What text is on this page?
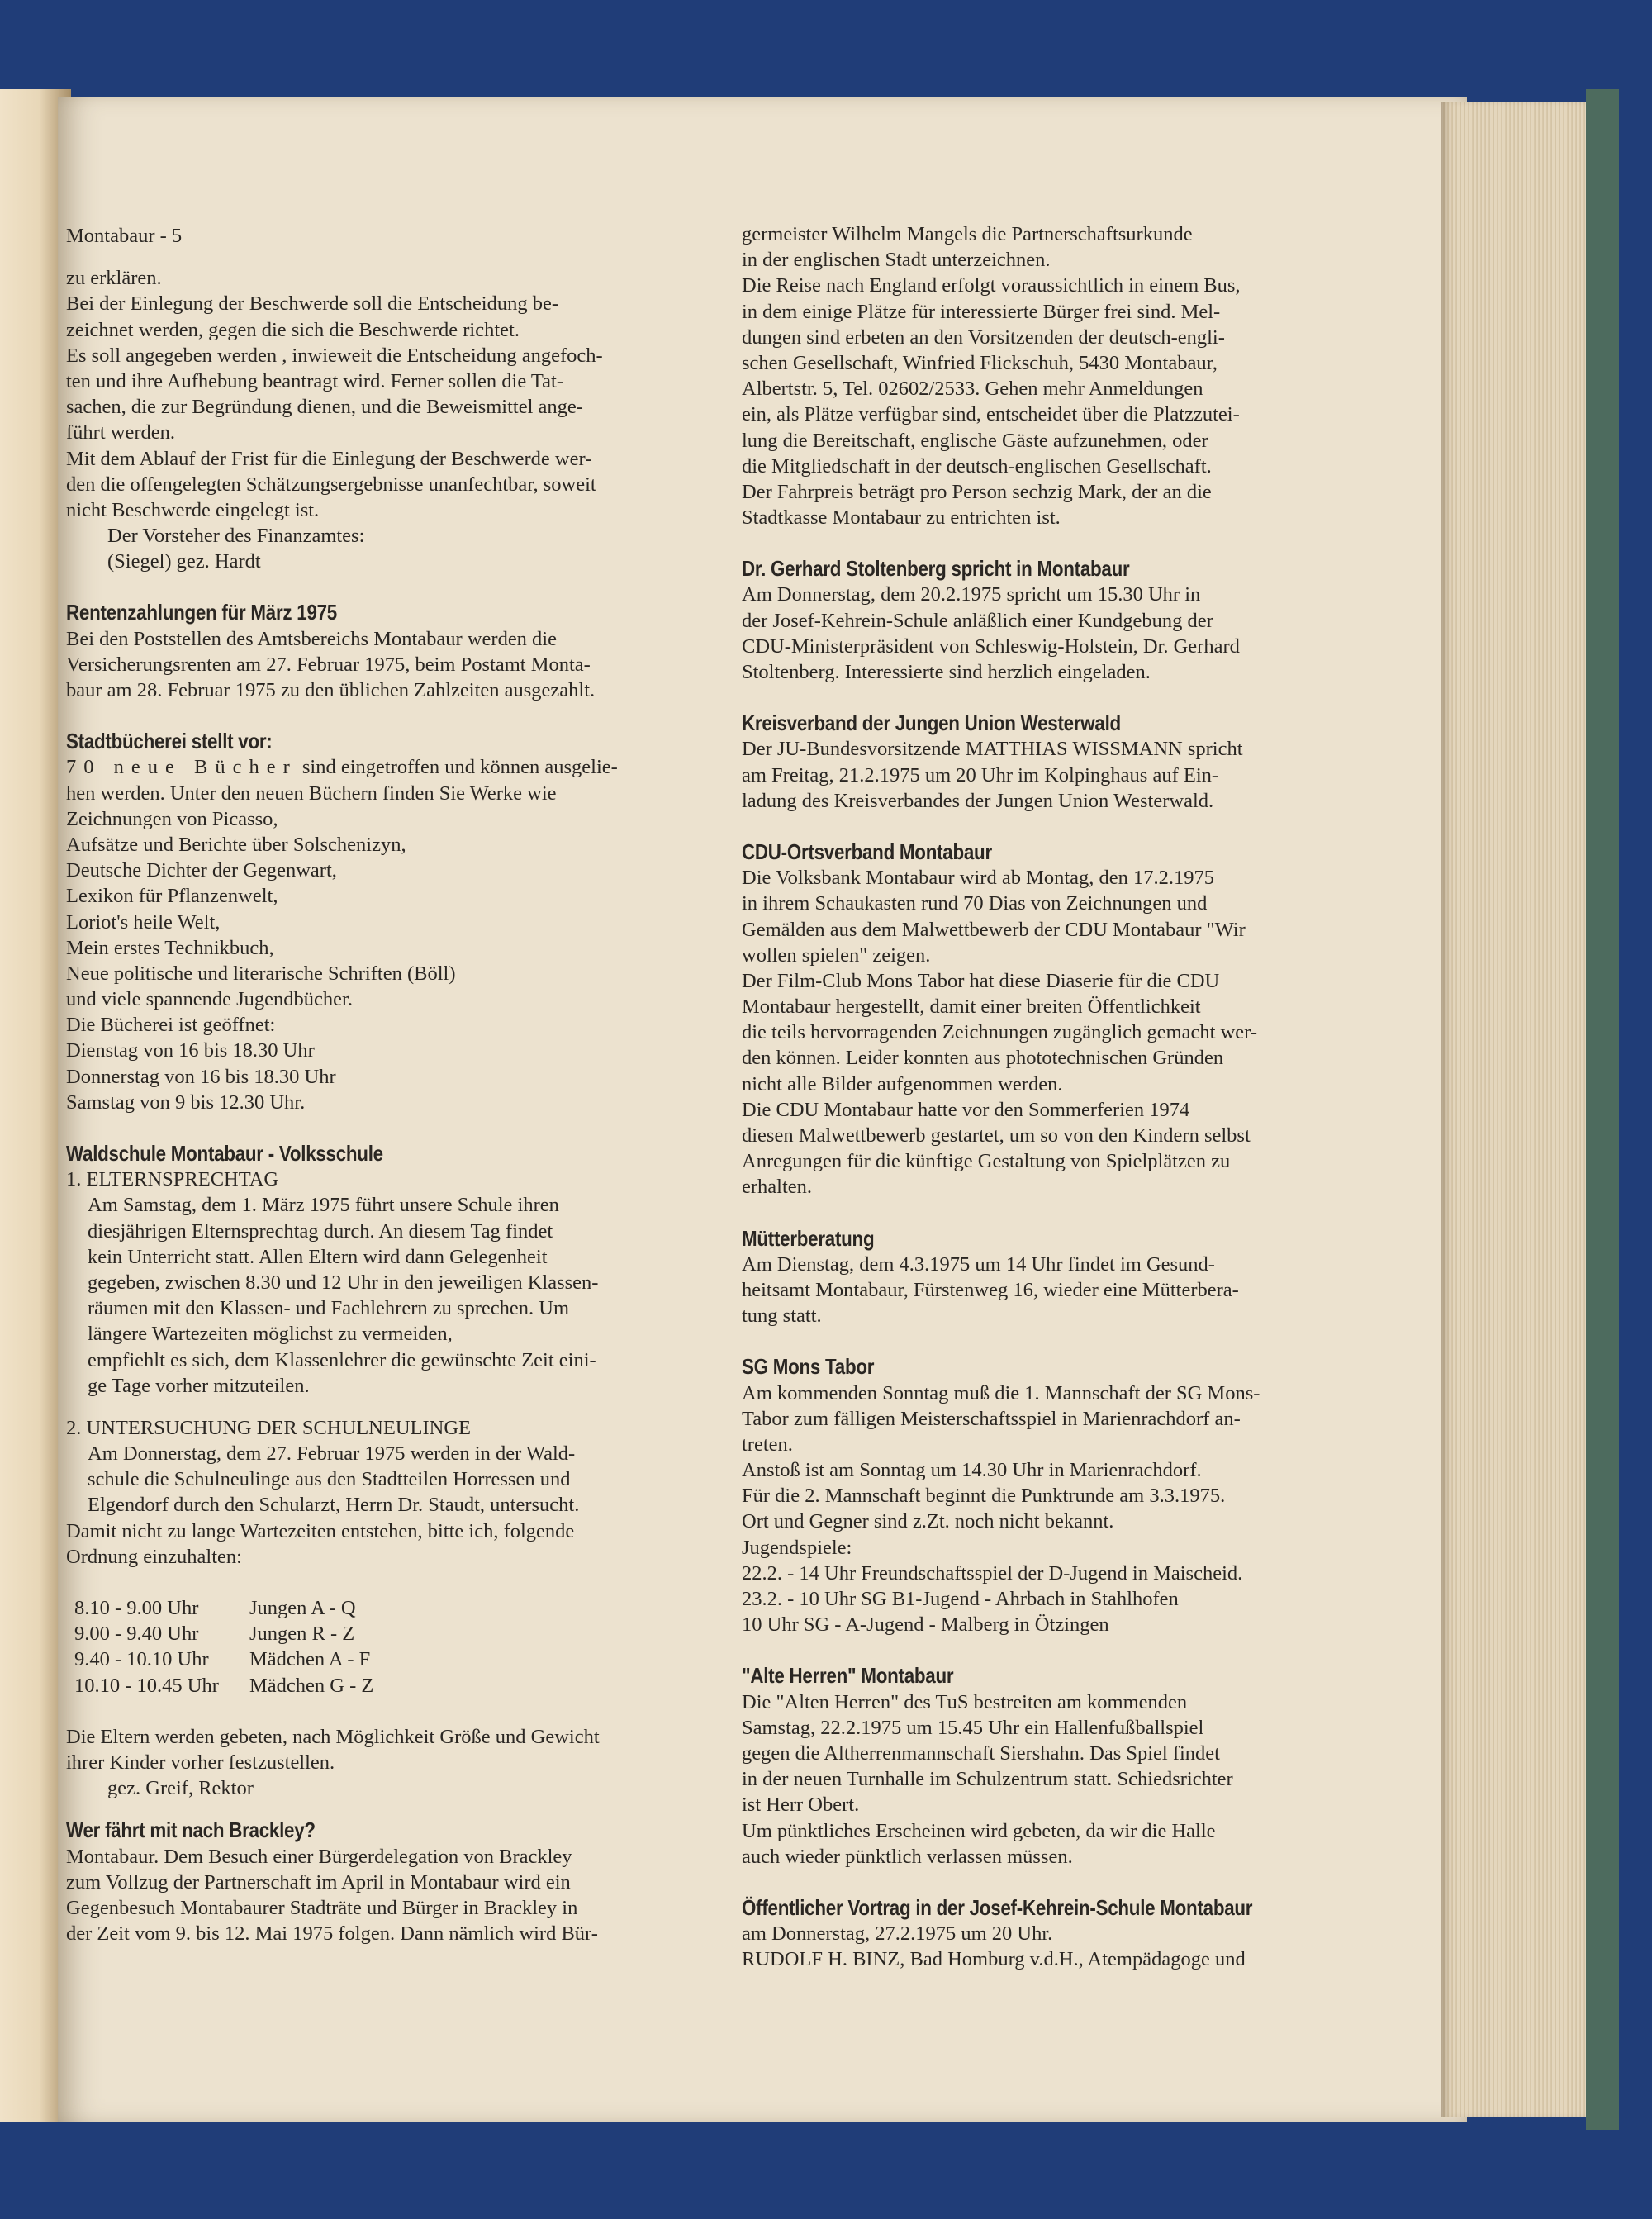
Montabaur - 5
zu erklären.
Bei der Einlegung der Beschwerde soll die Entscheidung be-
zeichnet werden, gegen die sich die Beschwerde richtet.
Es soll angegeben werden , inwieweit die Entscheidung angefoch-
ten und ihre Aufhebung beantragt wird. Ferner sollen die Tat-
sachen, die zur Begründung dienen, und die Beweismittel ange-
führt werden.
Mit dem Ablauf der Frist für die Einlegung der Beschwerde wer-
den die offengelegten Schätzungsergebnisse unanfechtbar, soweit
nicht Beschwerde eingelegt ist.
Der Vorsteher des Finanzamtes:
(Siegel) gez. Hardt
Rentenzahlungen für März 1975
Bei den Poststellen des Amtsbereichs Montabaur werden die
Versicherungsrenten am 27. Februar 1975, beim Postamt Monta-
baur am 28. Februar 1975 zu den üblichen Zahlzeiten ausgezahlt.
Stadtbücherei stellt vor:
70 neue Bücher sind eingetroffen und können ausgelie-
hen werden. Unter den neuen Büchern finden Sie Werke wie
Zeichnungen von Picasso,
Aufsätze und Berichte über Solschenizyn,
Deutsche Dichter der Gegenwart,
Lexikon für Pflanzenwelt,
Loriot's heile Welt,
Mein erstes Technikbuch,
Neue politische und literarische Schriften (Böll)
und viele spannende Jugendbücher.
Die Bücherei ist geöffnet:
Dienstag von 16 bis 18.30 Uhr
Donnerstag von 16 bis 18.30 Uhr
Samstag von 9 bis 12.30 Uhr.
Waldschule Montabaur - Volksschule
1. ELTERNSPRECHTAG
Am Samstag, dem 1. März 1975 führt unsere Schule ihren
diesjährigen Elternsprechtag durch. An diesem Tag findet
kein Unterricht statt. Allen Eltern wird dann Gelegenheit
gegeben, zwischen 8.30 und 12 Uhr in den jeweiligen Klassen-
räumen mit den Klassen- und Fachlehrern zu sprechen. Um
längere Wartezeiten möglichst zu vermeiden,
empfiehlt es sich, dem Klassenlehrer die gewünschte Zeit eini-
ge Tage vorher mitzuteilen.
2. UNTERSUCHUNG DER SCHULNEULINGE
Am Donnerstag, dem 27. Februar 1975 werden in der Wald-
schule die Schulneulinge aus den Stadtteilen Horressen und
Elgendorf durch den Schularzt, Herrn Dr. Staudt, untersucht.
Damit nicht zu lange Wartezeiten entstehen, bitte ich, folgende
Ordnung einzuhalten:
8.10 - 9.00 Uhr	Jungen A - Q
9.00 - 9.40 Uhr	Jungen R - Z
9.40 - 10.10 Uhr	Mädchen A - F
10.10 - 10.45 Uhr	Mädchen G - Z
Die Eltern werden gebeten, nach Möglichkeit Größe und Gewicht
ihrer Kinder vorher festzustellen.
gez. Greif, Rektor
Wer fährt mit nach Brackley?
Montabaur. Dem Besuch einer Bürgerdelegation von Brackley
zum Vollzug der Partnerschaft im April in Montabaur wird ein
Gegenbesuch Montabaurer Stadträte und Bürger in Brackley in
der Zeit vom 9. bis 12. Mai 1975 folgen. Dann nämlich wird Bür-
germeister Wilhelm Mangels die Partnerschaftsurkunde
in der englischen Stadt unterzeichnen.
Die Reise nach England erfolgt voraussichtlich in einem Bus,
in dem einige Plätze für interessierte Bürger frei sind. Mel-
dungen sind erbeten an den Vorsitzenden der deutsch-engli-
schen Gesellschaft, Winfried Flickschuh, 5430 Montabaur,
Albertstr. 5, Tel. 02602/2533. Gehen mehr Anmeldungen
ein, als Plätze verfügbar sind, entscheidet über die Platzzutei-
lung die Bereitschaft, englische Gäste aufzunehmen, oder
die Mitgliedschaft in der deutsch-englischen Gesellschaft.
Der Fahrpreis beträgt pro Person sechzig Mark, der an die
Stadtkasse Montabaur zu entrichten ist.
Dr. Gerhard Stoltenberg spricht in Montabaur
Am Donnerstag, dem 20.2.1975 spricht um 15.30 Uhr in
der Josef-Kehrein-Schule anläßlich einer Kundgebung der
CDU-Ministerpräsident von Schleswig-Holstein, Dr. Gerhard
Stoltenberg. Interessierte sind herzlich eingeladen.
Kreisverband der Jungen Union Westerwald
Der JU-Bundesvorsitzende MATTHIAS WISSMANN spricht
am Freitag, 21.2.1975 um 20 Uhr im Kolpinghaus auf Ein-
ladung des Kreisverbandes der Jungen Union Westerwald.
CDU-Ortsverband Montabaur
Die Volksbank Montabaur wird ab Montag, den 17.2.1975
in ihrem Schaukasten rund 70 Dias von Zeichnungen und
Gemälden aus dem Malwettbewerb der CDU Montabaur "Wir
wollen spielen" zeigen.
Der Film-Club Mons Tabor hat diese Diaserie für die CDU
Montabaur hergestellt, damit einer breiten Öffentlichkeit
die teils hervorragenden Zeichnungen zugänglich gemacht wer-
den können. Leider konnten aus phototechnischen Gründen
nicht alle Bilder aufgenommen werden.
Die CDU Montabaur hatte vor den Sommerferien 1974
diesen Malwettbewerb gestartet, um so von den Kindern selbst
Anregungen für die künftige Gestaltung von Spielplätzen zu
erhalten.
Mütterberatung
Am Dienstag, dem 4.3.1975 um 14 Uhr findet im Gesund-
heitsamt Montabaur, Fürstenweg 16, wieder eine Mütterbera-
tung statt.
SG Mons Tabor
Am kommenden Sonntag muß die 1. Mannschaft der SG Mons-
Tabor zum fälligen Meisterschaftsspiel in Marienrachdorf an-
treten.
Anstoß ist am Sonntag um 14.30 Uhr in Marienrachdorf.
Für die 2. Mannschaft beginnt die Punktrunde am 3.3.1975.
Ort und Gegner sind z.Zt. noch nicht bekannt.
Jugendspiele:
22.2. - 14 Uhr Freundschaftsspiel der D-Jugend in Maischeid.
23.2. - 10 Uhr SG B1-Jugend - Ahrbach in Stahlhofen
10 Uhr SG - A-Jugend - Malberg in Ötzingen
"Alte Herren" Montabaur
Die "Alten Herren" des TuS bestreiten am kommenden
Samstag, 22.2.1975 um 15.45 Uhr ein Hallenfußballspiel
gegen die Altherrenmannschaft Siershahn. Das Spiel findet
in der neuen Turnhalle im Schulzentrum statt. Schiedsrichter
ist Herr Obert.
Um pünktliches Erscheinen wird gebeten, da wir die Halle
auch wieder pünktlich verlassen müssen.
Öffentlicher Vortrag in der Josef-Kehrein-Schule Montabaur
am Donnerstag, 27.2.1975 um 20 Uhr.
RUDOLF H. BINZ, Bad Homburg v.d.H., Atempädagoge und
